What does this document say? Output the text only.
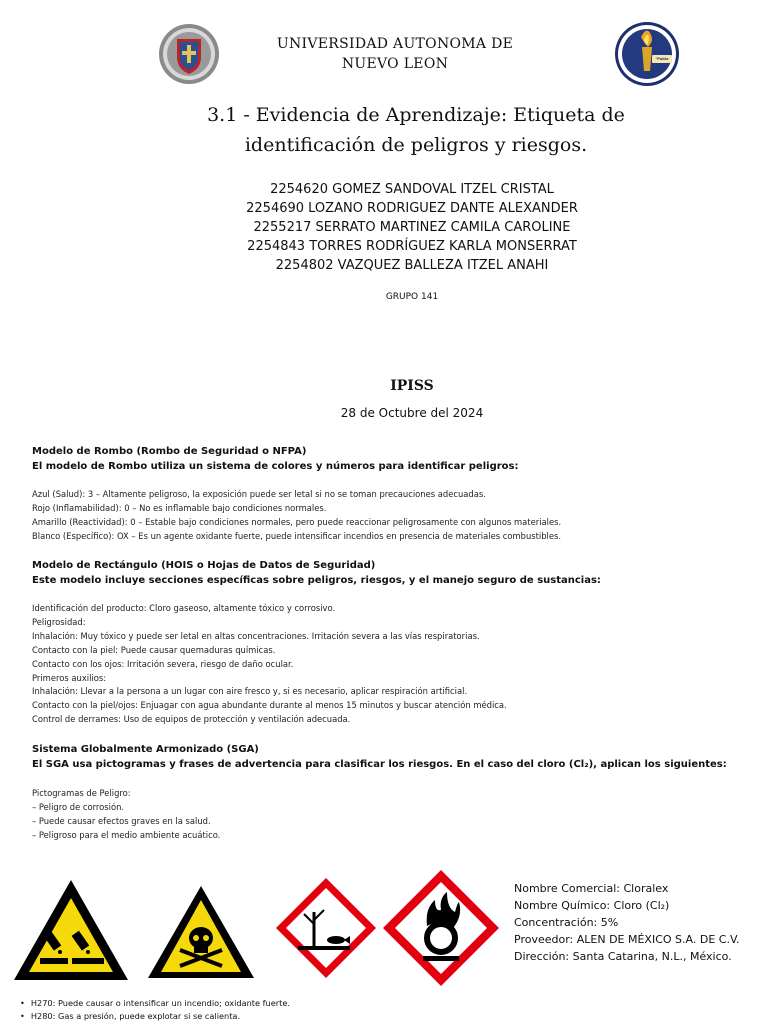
UNIVERSIDAD AUTONOMA DE
NUEVO LEON	"Pablo Livas"
3.1 - Evidencia de Aprendizaje: Etiqueta de
identificación de peligros y riesgos.
2254620 GOMEZ SANDOVAL ITZEL CRISTAL
2254690 LOZANO RODRIGUEZ DANTE ALEXANDER
2255217 SERRATO MARTINEZ CAMILA CAROLINE
2254843 TORRES RODRÍGUEZ KARLA MONSERRAT
2254802 VAZQUEZ BALLEZA ITZEL ANAHI
GRUPO 141
IPISS
28 de Octubre del 2024
Modelo de Rombo (Rombo de Seguridad o NFPA)
El modelo de Rombo utiliza un sistema de colores y números para identificar peligros:
Azul (Salud): 3 – Altamente peligroso, la exposición puede ser letal si no se toman precauciones adecuadas.
Rojo (Inflamabilidad): 0 – No es inflamable bajo condiciones normales.
Amarillo (Reactividad): 0 – Estable bajo condiciones normales, pero puede reaccionar peligrosamente con algunos materiales.
Blanco (Específico): OX – Es un agente oxidante fuerte, puede intensificar incendios en presencia de materiales combustibles.
Modelo de Rectángulo (HOIS o Hojas de Datos de Seguridad)
Este modelo incluye secciones específicas sobre peligros, riesgos, y el manejo seguro de sustancias:
Identificación del producto: Cloro gaseoso, altamente tóxico y corrosivo.
Peligrosidad:
Inhalación: Muy tóxico y puede ser letal en altas concentraciones. Irritación severa a las vías respiratorias.
Contacto con la piel: Puede causar quemaduras químicas.
Contacto con los ojos: Irritación severa, riesgo de daño ocular.
Primeros auxilios:
Inhalación: Llevar a la persona a un lugar con aire fresco y, si es necesario, aplicar respiración artificial.
Contacto con la piel/ojos: Enjuagar con agua abundante durante al menos 15 minutos y buscar atención médica.
Control de derrames: Uso de equipos de protección y ventilación adecuada.
Sistema Globalmente Armonizado (SGA)
El SGA usa pictogramas y frases de advertencia para clasificar los riesgos. En el caso del cloro (Cl₂), aplican los siguientes:
Pictogramas de Peligro:
– Peligro de corrosión.
– Puede causar efectos graves en la salud.
– Peligroso para el medio ambiente acuático.
Nombre Comercial: Cloralex
Nombre Químico: Cloro (Cl₂)
Concentración: 5%
Proveedor: ALEN DE MÉXICO S.A. DE C.V.
Dirección: Santa Catarina, N.L., México.
• H270: Puede causar o intensificar un incendio; oxidante fuerte.
• H280: Gas a presión, puede explotar si se calienta.
